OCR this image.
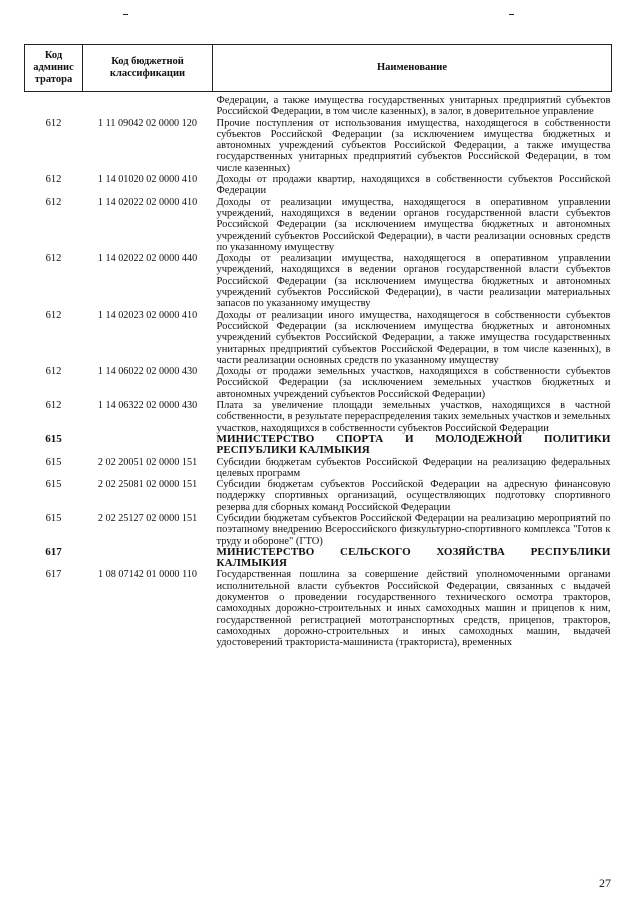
Код админис тратора	Код бюджетной классификации	Наименование
		Федерации, а также имущества государственных унитарных предприятий субъектов Российской Федерации, в том числе казенных), в залог, в доверительное управление
612	1 11 09042 02 0000 120	Прочие поступления от использования имущества, находящегося в собственности субъектов Российской Федерации (за исключением имущества бюджетных и автономных учреждений субъектов Российской Федерации, а также имущества государственных унитарных предприятий субъектов Российской Федерации, в том числе казенных)
612	1 14 01020 02 0000 410	Доходы от продажи квартир, находящихся в собственности субъектов Российской Федерации
612	1 14 02022 02 0000 410	Доходы от реализации имущества, находящегося в оперативном управлении учреждений, находящихся в ведении органов государственной власти субъектов Российской Федерации (за исключением имущества бюджетных и автономных учреждений субъектов Российской Федерации), в части реализации основных средств по указанному имуществу
612	1 14 02022 02 0000 440	Доходы от реализации имущества, находящегося в оперативном управлении учреждений, находящихся в ведении органов государственной власти субъектов Российской Федерации (за исключением имущества бюджетных и автономных учреждений субъектов Российской Федерации), в части реализации материальных запасов по указанному имуществу
612	1 14 02023 02 0000 410	Доходы от реализации иного имущества, находящегося в собственности субъектов Российской Федерации (за исключением имущества бюджетных и автономных учреждений субъектов Российской Федерации, а также имущества государственных унитарных предприятий субъектов Российской Федерации, в том числе казенных), в части реализации основных средств по указанному имуществу
612	1 14 06022 02 0000 430	Доходы от продажи земельных участков, находящихся в собственности субъектов Российской Федерации (за исключением земельных участков бюджетных и автономных учреждений субъектов Российской Федерации)
612	1 14 06322 02 0000 430	Плата за увеличение площади земельных участков, находящихся в частной собственности, в результате перераспределения таких земельных участков и земельных участков, находящихся в собственности субъектов Российской Федерации
615		МИНИСТЕРСТВО СПОРТА И МОЛОДЕЖНОЙ ПОЛИТИКИ РЕСПУБЛИКИ КАЛМЫКИЯ
615	2 02 20051 02 0000 151	Субсидии бюджетам субъектов Российской Федерации на реализацию федеральных целевых программ
615	2 02 25081 02 0000 151	Субсидии бюджетам субъектов Российской Федерации на адресную финансовую поддержку спортивных организаций, осуществляющих подготовку спортивного резерва для сборных команд Российской Федерации
615	2 02 25127 02 0000 151	Субсидии бюджетам субъектов Российской Федерации на реализацию мероприятий по поэтапному внедрению Всероссийского физкультурно-спортивного комплекса "Готов к труду и обороне" (ГТО)
617		МИНИСТЕРСТВО СЕЛЬСКОГО ХОЗЯЙСТВА РЕСПУБЛИКИ КАЛМЫКИЯ
617	1 08 07142 01 0000 110	Государственная пошлина за совершение действий уполномоченными органами исполнительной власти субъектов Российской Федерации, связанных с выдачей документов о проведении государственного технического осмотра тракторов, самоходных дорожно-строительных и иных самоходных машин и прицепов к ним, государственной регистрацией мототранспортных средств, прицепов, тракторов, самоходных дорожно-строительных и иных самоходных машин, выдачей удостоверений тракториста-машиниста (тракториста), временных
27
